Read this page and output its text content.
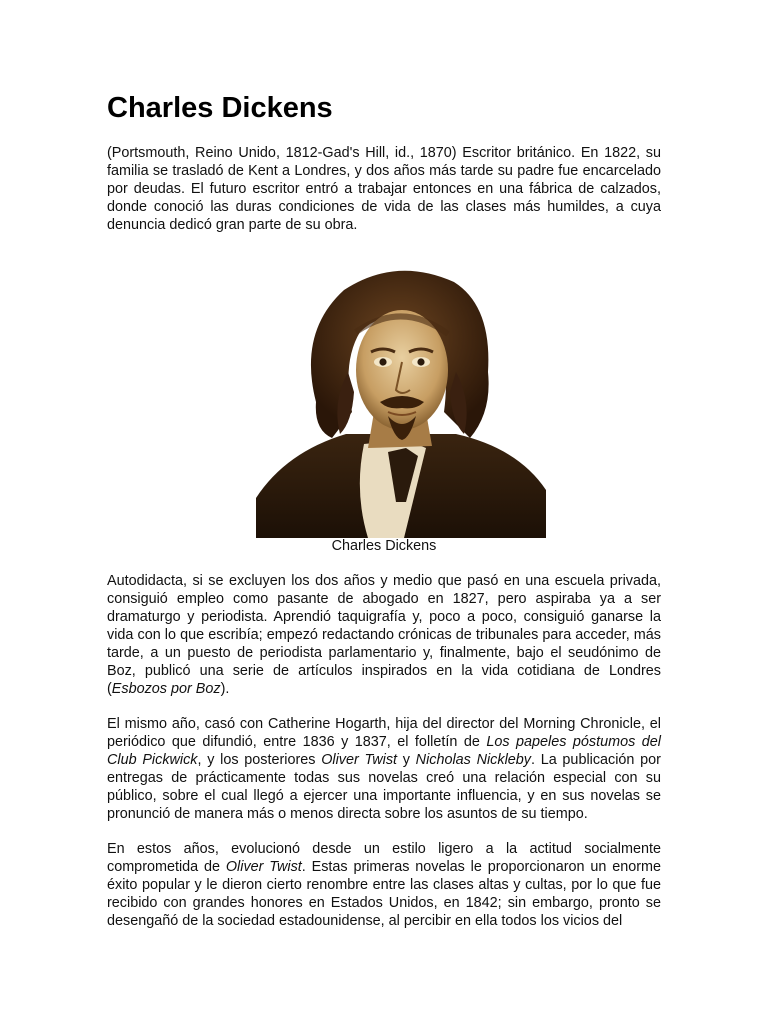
Charles Dickens

(Portsmouth, Reino Unido, 1812-Gad's Hill, id., 1870) Escritor británico. En 1822, su familia se trasladó de Kent a Londres, y dos años más tarde su padre fue encarcelado por deudas. El futuro escritor entró a trabajar entonces en una fábrica de calzados, donde conoció las duras condiciones de vida de las clases más humildes, a cuya denuncia dedicó gran parte de su obra.

Charles Dickens

Autodidacta, si se excluyen los dos años y medio que pasó en una escuela privada, consiguió empleo como pasante de abogado en 1827, pero aspiraba ya a ser dramaturgo y periodista. Aprendió taquigrafía y, poco a poco, consiguió ganarse la vida con lo que escribía; empezó redactando crónicas de tribunales para acceder, más tarde, a un puesto de periodista parlamentario y, finalmente, bajo el seudónimo de Boz, publicó una serie de artículos inspirados en la vida cotidiana de Londres (Esbozos por Boz).

El mismo año, casó con Catherine Hogarth, hija del director del Morning Chronicle, el periódico que difundió, entre 1836 y 1837, el folletín de Los papeles póstumos del Club Pickwick, y los posteriores Oliver Twist y Nicholas Nickleby. La publicación por entregas de prácticamente todas sus novelas creó una relación especial con su público, sobre el cual llegó a ejercer una importante influencia, y en sus novelas se pronunció de manera más o menos directa sobre los asuntos de su tiempo.

En estos años, evolucionó desde un estilo ligero a la actitud socialmente comprometida de Oliver Twist. Estas primeras novelas le proporcionaron un enorme éxito popular y le dieron cierto renombre entre las clases altas y cultas, por lo que fue recibido con grandes honores en Estados Unidos, en 1842; sin embargo, pronto se desengañó de la sociedad estadounidense, al percibir en ella todos los vicios del
